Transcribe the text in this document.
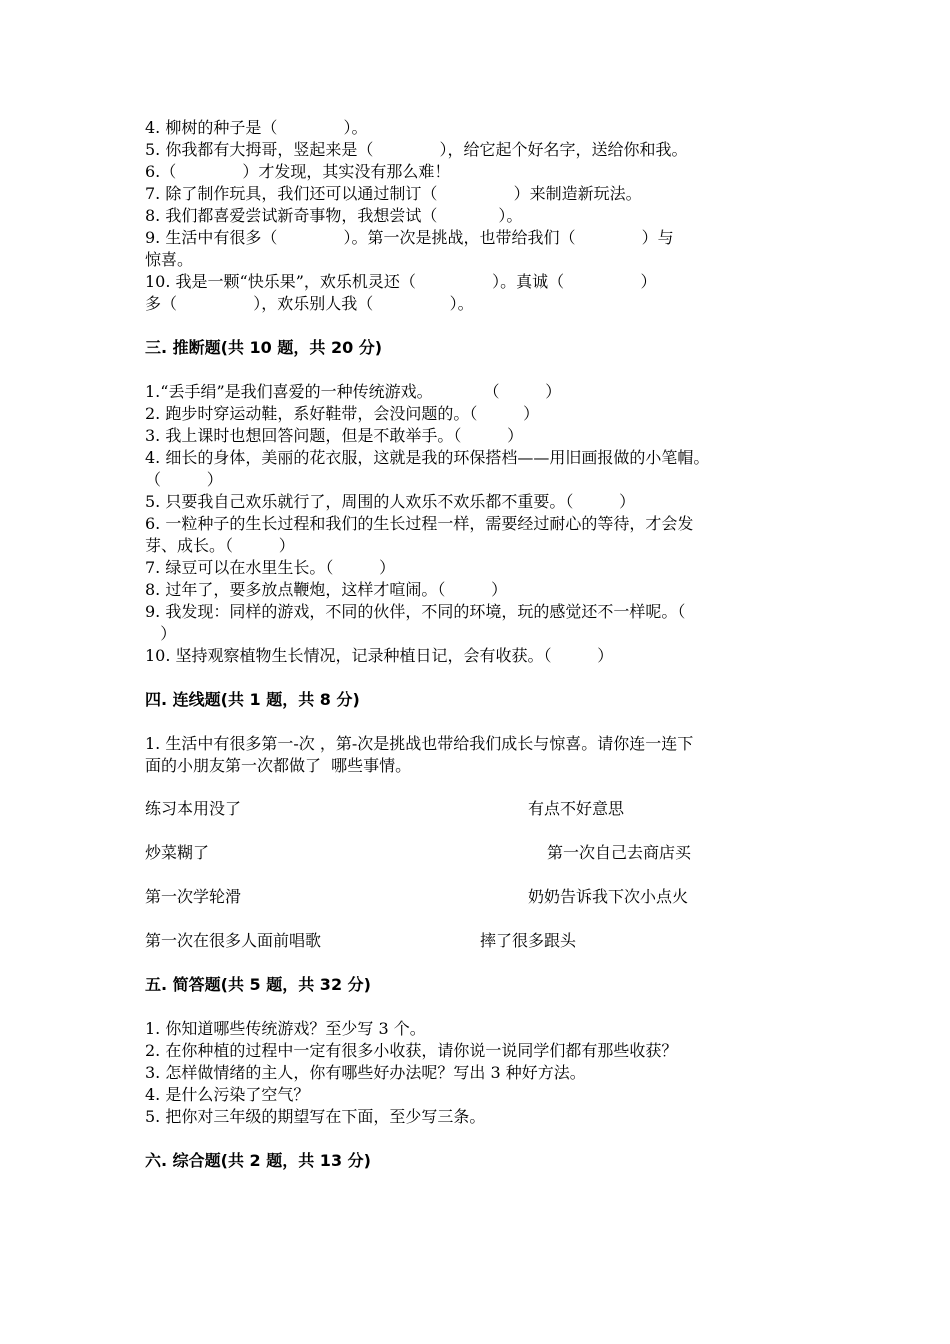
4. 柳树的种子是（             ）。
5. 你我都有大拇哥，竖起来是（             ），给它起个好名字，送给你和我。
6.（             ）才发现，其实没有那么难！
7. 除了制作玩具，我们还可以通过制订（               ）来制造新玩法。
8. 我们都喜爱尝试新奇事物，我想尝试（            ）。
9. 生活中有很多（             ）。第一次是挑战，也带给我们（             ）与
惊喜。
10. 我是一颗“快乐果”，欢乐机灵还（               ）。真诚（               ）
多（               ），欢乐别人我（               ）。
三. 推断题(共 10 题，共 20 分)
1.“丢手绢”是我们喜爱的一种传统游戏。          （         ）
2. 跑步时穿运动鞋，系好鞋带，会没问题的。（         ）
3. 我上课时也想回答问题，但是不敢举手。（         ）
4. 细长的身体，美丽的花衣服，这就是我的环保搭档——用旧画报做的小笔帽。
（         ）
5. 只要我自己欢乐就行了，周围的人欢乐不欢乐都不重要。（         ）
6. 一粒种子的生长过程和我们的生长过程一样，需要经过耐心的等待，才会发
芽、成长。（         ）
7. 绿豆可以在水里生长。（         ）
8. 过年了，要多放点鞭炮，这样才喧闹。（         ）
9. 我发现：同样的游戏，不同的伙伴，不同的环境，玩的感觉还不一样呢。（
）
10. 坚持观察植物生长情况，记录种植日记，会有收获。（         ）
四. 连线题(共 1 题，共 8 分)
1. 生活中有很多第一-次 ，第-次是挑战也带给我们成长与惊喜。请你连一连下
面的小朋友第一次都做了  哪些事情。
练习本用没了	有点不好意思
炒菜糊了	第一次自己去商店买
第一次学轮滑	奶奶告诉我下次小点火
第一次在很多人面前唱歌	摔了很多跟头
五. 简答题(共 5 题，共 32 分)
1. 你知道哪些传统游戏？至少写 3 个。
2. 在你种植的过程中一定有很多小收获，请你说一说同学们都有那些收获？
3. 怎样做情绪的主人，你有哪些好办法呢？写出 3 种好方法。
4. 是什么污染了空气？
5. 把你对三年级的期望写在下面，至少写三条。
六. 综合题(共 2 题，共 13 分)
